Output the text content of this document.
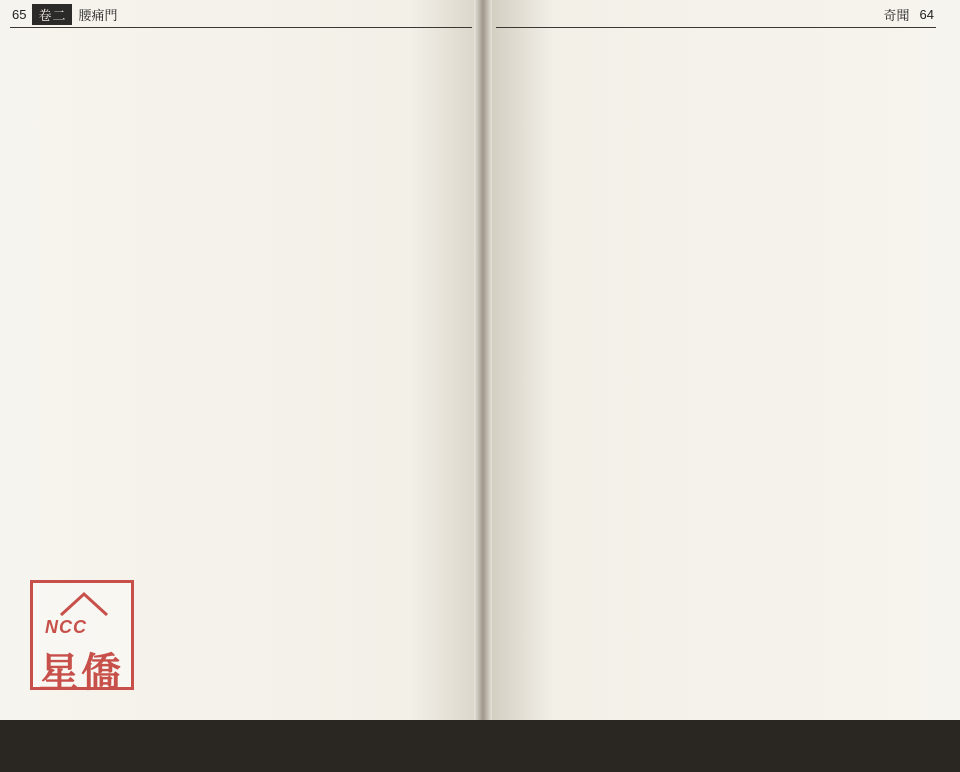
65 卷二 腰痛門	奇聞 64
NCC
星僑
